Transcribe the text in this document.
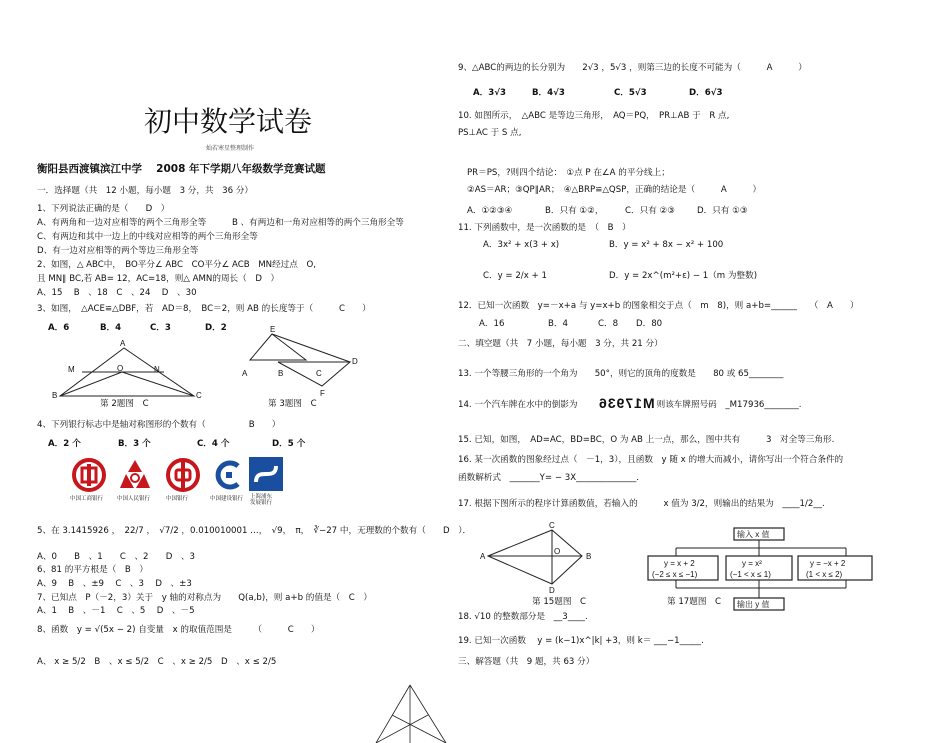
初中数学试卷
灿若寒星整理制作
衡阳县西渡镇滨江中学　 2008 年下学期八年级数学竞赛试题
一．选择题（共　12 小题，每小题　3 分，共　36 分）
1、下列说法正确的是（　　D　）
A、有两角和一边对应相等的两个三角形全等　　　B 、有两边和一角对应相等的两个三角形全等
C、有两边和其中一边上的中线对应相等的两个三角形全等
D、有一边对应相等的两个等边三角形全等
2、如图，△ ABC中，　BO平分∠ ABC　CO平分∠ ACB　MN经过点　O,
且 MN∥ BC,若 AB= 12，AC=18，则△ AMN的周长（　D　）
A、15　 B　、18　C　、24　 D　、30
3、如图，　△ACE≌△DBF，若　AD＝8，　BC＝2，则 AB 的长度等于（　　　C　　）
A．6	B．4	C．3	D．2
A
M	O	N
B	C
第 2题图　C
E
A	B	C
D
F
第 3题图　C
4、下列银行标志中是轴对称图形的个数有（　　　　　B　　）
A．2 个	B．3 个	C．4 个	D．5 个
中国工商银行	中国人民银行	中国银行	中国建设银行 上海浦东
发展银行
5、在 3.1415926 ，　22/7 ，　√7/2 ，0.010010001 …，　√9，　π，　∛−27 中，无理数的个数有（　　D　）．
A、0　　B　、1　　C　、2　　D　、3
6、81 的平方根是（　B　）
A、9　 B　、±9　 C　、3　 D　、±3
7、已知点　P（－2，3）关于　y 轴的对称点为　　Q(a,b)，则 a+b 的值是（　C　）
A、1　 B　、－1　 C　、5　 D　、－5
8、函数　y = √(5x − 2) 自变量　x 的取值范围是　　　（　　　C　　）
A、 x ≥ 5/2　B　、x ≤ 5/2　C　、x ≥ 2/5　D　、x ≤ 2/5
9、△ABC的两边的长分别为　　2√3 ，5√3 ，则第三边的长度不可能为（　　　A　　　）
A．3√3	B．4√3	C．5√3	D．6√3
10. 如图所示，　△ABC 是等边三角形，　AQ＝PQ，　PR⊥AB 于　R 点,
PS⊥AC 于 S 点,
PR＝PS，?则四个结论：　①点 P 在∠A 的平分线上；
②AS＝AR；③QP∥AR；　④△BRP≌△QSP，正确的结论是（　　　A　　　）
A．①②③④	B．只有 ①②，	C．只有 ②③	D．只有 ①③
11. 下列函数中，是一次函数的是　（　B　）
A．3x² + x(3 + x)	B．y = x² + 8x − x² + 100
C．y = 2/x + 1	D．y = 2x^(m²+ε) − 1（m 为整数)
12．已知一次函数　y=－x+a 与 y=x+b 的图象相交于点（　m　8)，则 a+b=______　　（　A　　）
A．16	B．4	C．8 D．80
二、填空题（共　7 小题，每小题　3 分，共 21 分）
13. 一个等腰三角形的一个角为　　50°，则它的顶角的度数是　　80 或 65________
14. 一个汽车牌在水中的倒影为 M17936
，则该车牌照号码　_M17936________.
15. 已知，如图，　AD=AC，BD=BC，O 为 AB 上一点，那么，图中共有　　　3　对全等三角形.
16. 某一次函数的图象经过点（　－1，3），且函数　y 随 x 的增大而减小，请你写出一个符合条件的
函数解析式　_______Y= − 3X______________．
17. 根据下图所示的程序计算函数值，若输入的　　　x 值为 3/2，则输出的结果为　____1/2__.
A
C
O
B
D
第 15题图　C
输入 x 值
y = x + 2
(−2 ≤ x ≤ −1)
y = x²
(−1 < x ≤ 1)
y = −x + 2
(1 < x ≤ 2)
输出 y 值
第 17题图　C
18. √10 的整数部分是　__3____.
19. 已知一次函数　 y = (k−1)x^|k| +3，则 k＝ ___−1_____.
三、解答题（共　9 题，共 63 分）
